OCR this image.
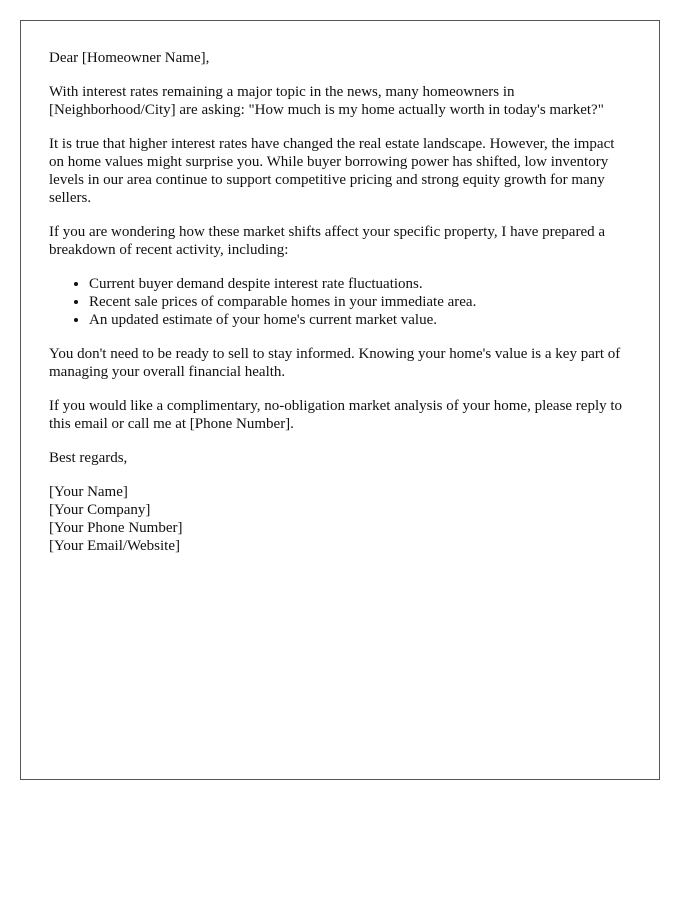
Dear [Homeowner Name],

With interest rates remaining a major topic in the news, many homeowners in [Neighborhood/City] are asking: "How much is my home actually worth in today's market?"

It is true that higher interest rates have changed the real estate landscape. However, the impact on home values might surprise you. While buyer borrowing power has shifted, low inventory levels in our area continue to support competitive pricing and strong equity growth for many sellers.

If you are wondering how these market shifts affect your specific property, I have prepared a breakdown of recent activity, including:

• Current buyer demand despite interest rate fluctuations.
• Recent sale prices of comparable homes in your immediate area.
• An updated estimate of your home's current market value.

You don't need to be ready to sell to stay informed. Knowing your home's value is a key part of managing your overall financial health.

If you would like a complimentary, no-obligation market analysis of your home, please reply to this email or call me at [Phone Number].

Best regards,

[Your Name]
[Your Company]
[Your Phone Number]
[Your Email/Website]
